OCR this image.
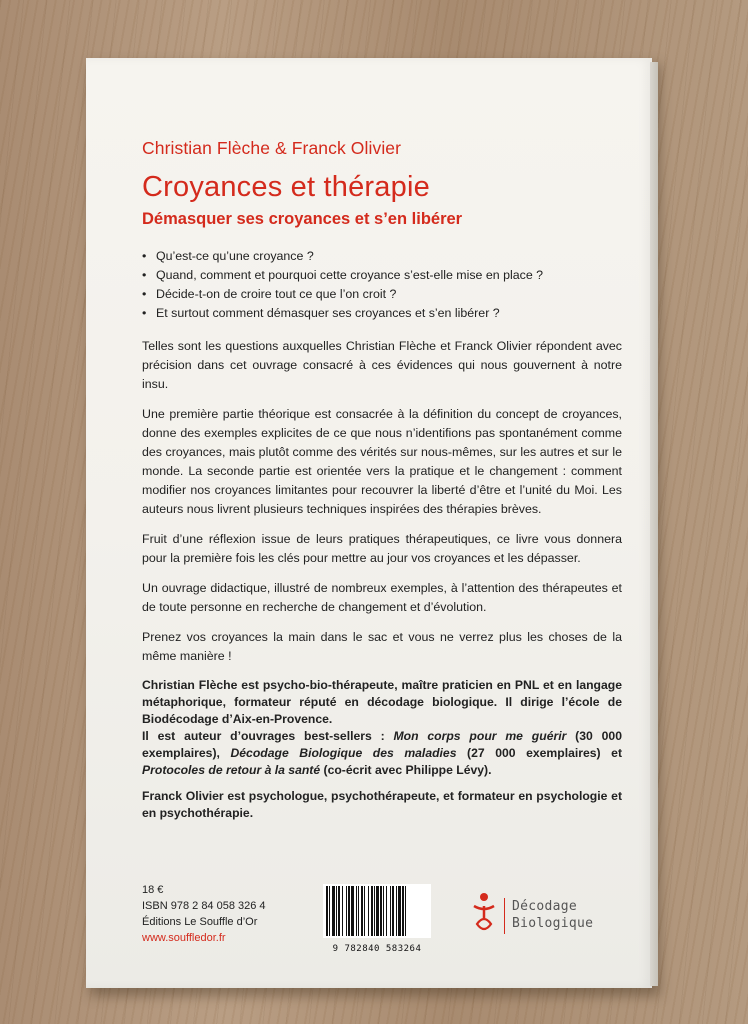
Christian Flèche & Franck Olivier
Croyances et thérapie
Démasquer ses croyances et s’en libérer
• Qu’est-ce qu’une croyance ?
• Quand, comment et pourquoi cette croyance s’est-elle mise en place ?
• Décide-t-on de croire tout ce que l’on croit ?
• Et surtout comment démasquer ses croyances et s’en libérer ?

Telles sont les questions auxquelles Christian Flèche et Franck Olivier répondent avec précision dans cet ouvrage consacré à ces évidences qui nous gouvernent à notre insu.

Une première partie théorique est consacrée à la définition du concept de croyances, donne des exemples explicites de ce que nous n’identifions pas spontanément comme des croyances, mais plutôt comme des vérités sur nous-mêmes, sur les autres et sur le monde. La seconde partie est orientée vers la pratique et le changement : comment modifier nos croyances limitantes pour recouvrer la liberté d’être et l’unité du Moi. Les auteurs nous livrent plusieurs techniques inspirées des thérapies brèves.

Fruit d’une réflexion issue de leurs pratiques thérapeutiques, ce livre vous donnera pour la première fois les clés pour mettre au jour vos croyances et les dépasser.

Un ouvrage didactique, illustré de nombreux exemples, à l’attention des thérapeutes et de toute personne en recherche de changement et d’évolution.

Prenez vos croyances la main dans le sac et vous ne verrez plus les choses de la même manière !

Christian Flèche est psycho-bio-thérapeute, maître praticien en PNL et en langage métaphorique, formateur réputé en décodage biologique. Il dirige l’école de Biodécodage d’Aix-en-Provence.
Il est auteur d’ouvrages best-sellers : Mon corps pour me guérir (30 000 exemplaires), Décodage Biologique des maladies (27 000 exemplaires) et Protocoles de retour à la santé (co-écrit avec Philippe Lévy).
Franck Olivier est psychologue, psychothérapeute, et formateur en psychologie et en psychothérapie.
18 €
ISBN 978 2 84 058 326 4
Éditions Le Souffle d’Or
www.souffledor.fr
9 782840 583264
Décodage
Biologique
